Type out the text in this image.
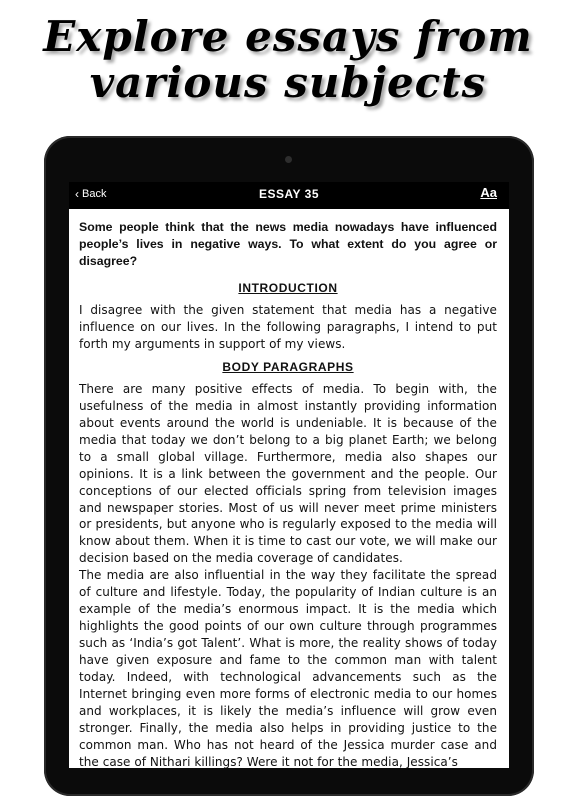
Explore essays from
various subjects
‹ Back	ESSAY 35	Aa

Some people think that the news media nowadays have influenced people’s lives in negative ways. To what extent do you agree or disagree?

INTRODUCTION

I disagree with the given statement that media has a negative influence on our lives. In the following paragraphs, I intend to put forth my arguments in support of my views.

BODY PARAGRAPHS

There are many positive effects of media. To begin with, the usefulness of the media in almost instantly providing information about events around the world is undeniable. It is because of the media that today we don’t belong to a big planet Earth; we belong to a small global village. Furthermore, media also shapes our opinions. It is a link between the government and the people. Our conceptions of our elected officials spring from television images and newspaper stories. Most of us will never meet prime ministers or presidents, but anyone who is regularly exposed to the media will know about them. When it is time to cast our vote, we will make our decision based on the media coverage of candidates.

The media are also influential in the way they facilitate the spread of culture and lifestyle. Today, the popularity of Indian culture is an example of the media’s enormous impact. It is the media which highlights the good points of our own culture through programmes such as ‘India’s got Talent’. What is more, the reality shows of today have given exposure and fame to the common man with talent today. Indeed, with technological advancements such as the Internet bringing even more forms of electronic media to our homes and workplaces, it is likely the media’s influence will grow even stronger. Finally, the media also helps in providing justice to the common man. Who has not heard of the Jessica murder case and the case of Nithari killings? Were it not for the media, Jessica’s
